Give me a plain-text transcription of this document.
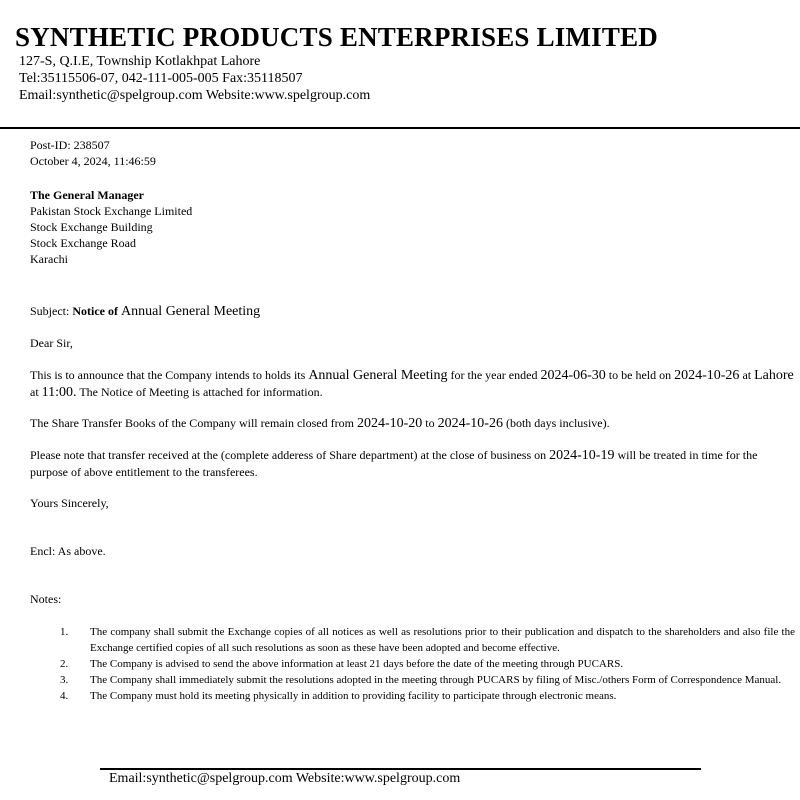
SYNTHETIC PRODUCTS ENTERPRISES LIMITED
127-S, Q.I.E, Township Kotlakhpat Lahore
Tel:35115506-07, 042-111-005-005 Fax:35118507
Email:synthetic@spelgroup.com Website:www.spelgroup.com
Post-ID: 238507
October 4, 2024, 11:46:59
The General Manager
Pakistan Stock Exchange Limited
Stock Exchange Building
Stock Exchange Road
Karachi
Subject: Notice of Annual General Meeting
Dear Sir,
This is to announce that the Company intends to holds its Annual General Meeting for the year ended 2024-06-30 to be held on 2024-10-26 at Lahore at 11:00. The Notice of Meeting is attached for information.
The Share Transfer Books of the Company will remain closed from 2024-10-20 to 2024-10-26 (both days inclusive).
Please note that transfer received at the (complete adderess of Share department) at the close of business on 2024-10-19 will be treated in time for the purpose of above entitlement to the transferees.
Yours Sincerely,
Encl: As above.
Notes:
1. The company shall submit the Exchange copies of all notices as well as resolutions prior to their publication and dispatch to the shareholders and also file the Exchange certified copies of all such resolutions as soon as these have been adopted and become effective.
2. The Company is advised to send the above information at least 21 days before the date of the meeting through PUCARS.
3. The Company shall immediately submit the resolutions adopted in the meeting through PUCARS by filing of Misc./others Form of Correspondence Manual.
4. The Company must hold its meeting physically in addition to providing facility to participate through electronic means.
Email:synthetic@spelgroup.com Website:www.spelgroup.com
